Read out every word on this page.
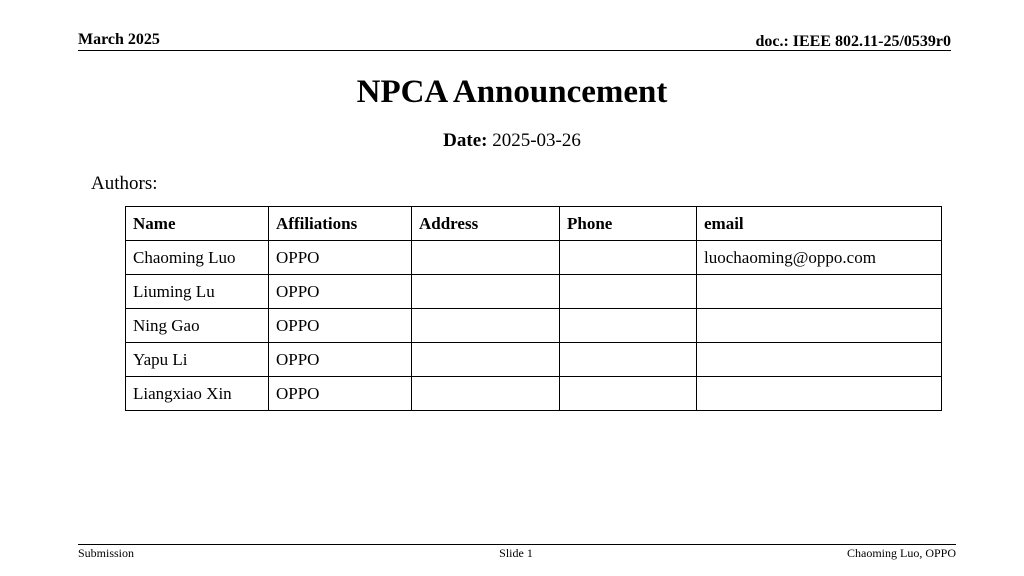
March 2025	doc.: IEEE 802.11-25/0539r0
NPCA Announcement
Date: 2025-03-26
Authors:
Name	Affiliations	Address	Phone	email
Chaoming Luo	OPPO			luochaoming@oppo.com
Liuming Lu	OPPO			
Ning Gao	OPPO			
Yapu Li	OPPO			
Liangxiao Xin	OPPO			
Submission	Slide 1	Chaoming Luo, OPPO
